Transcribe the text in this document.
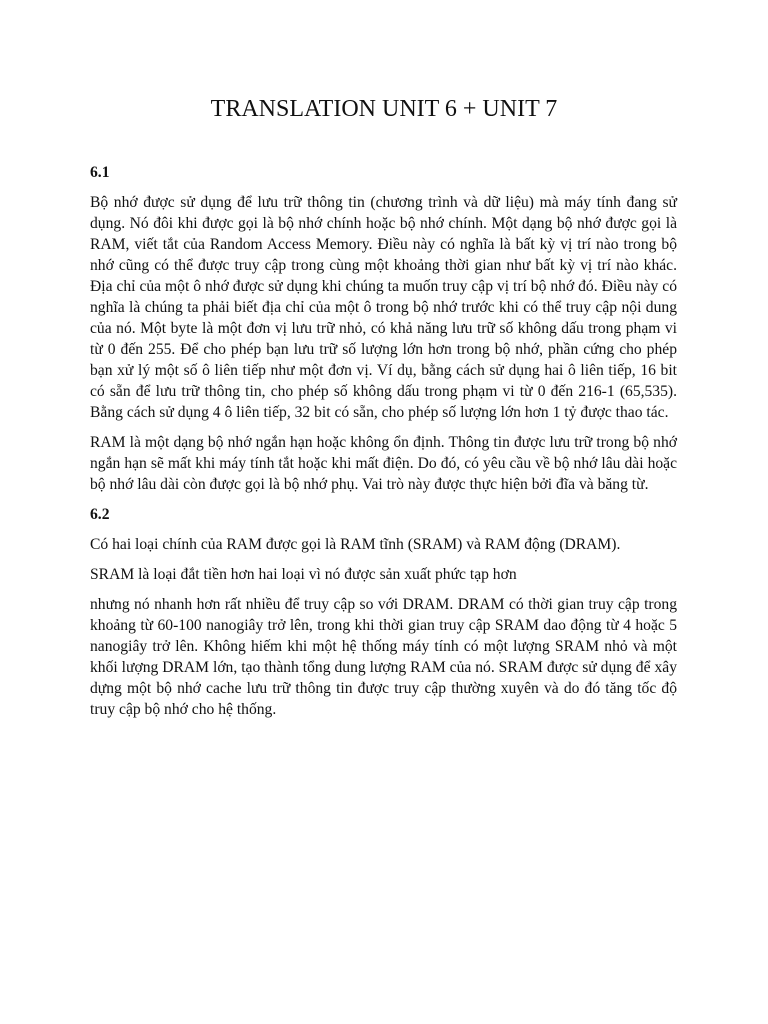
TRANSLATION UNIT 6 + UNIT 7
6.1

Bộ nhớ được sử dụng để lưu trữ thông tin (chương trình và dữ liệu) mà máy tính đang sử dụng. Nó đôi khi được gọi là bộ nhớ chính hoặc bộ nhớ chính. Một dạng bộ nhớ được gọi là RAM, viết tắt của Random Access Memory. Điều này có nghĩa là bất kỳ vị trí nào trong bộ nhớ cũng có thể được truy cập trong cùng một khoảng thời gian như bất kỳ vị trí nào khác. Địa chỉ của một ô nhớ được sử dụng khi chúng ta muốn truy cập vị trí bộ nhớ đó. Điều này có nghĩa là chúng ta phải biết địa chỉ của một ô trong bộ nhớ trước khi có thể truy cập nội dung của nó. Một byte là một đơn vị lưu trữ nhỏ, có khả năng lưu trữ số không dấu trong phạm vi từ 0 đến 255. Để cho phép bạn lưu trữ số lượng lớn hơn trong bộ nhớ, phần cứng cho phép bạn xử lý một số ô liên tiếp như một đơn vị. Ví dụ, bằng cách sử dụng hai ô liên tiếp, 16 bit có sẵn để lưu trữ thông tin, cho phép số không dấu trong phạm vi từ 0 đến 216-1 (65,535). Bằng cách sử dụng 4 ô liên tiếp, 32 bit có sẵn, cho phép số lượng lớn hơn 1 tỷ được thao tác.

RAM là một dạng bộ nhớ ngắn hạn hoặc không ổn định. Thông tin được lưu trữ trong bộ nhớ ngắn hạn sẽ mất khi máy tính tắt hoặc khi mất điện. Do đó, có yêu cầu về bộ nhớ lâu dài hoặc bộ nhớ lâu dài còn được gọi là bộ nhớ phụ. Vai trò này được thực hiện bởi đĩa và băng từ.

6.2

Có hai loại chính của RAM được gọi là RAM tĩnh (SRAM) và RAM động (DRAM).

SRAM là loại đắt tiền hơn hai loại vì nó được sản xuất phức tạp hơn

nhưng nó nhanh hơn rất nhiều để truy cập so với DRAM. DRAM có thời gian truy cập trong khoảng từ 60-100 nanogiây trở lên, trong khi thời gian truy cập SRAM dao động từ 4 hoặc 5 nanogiây trở lên. Không hiếm khi một hệ thống máy tính có một lượng SRAM nhỏ và một khối lượng DRAM lớn, tạo thành tổng dung lượng RAM của nó. SRAM được sử dụng để xây dựng một bộ nhớ cache lưu trữ thông tin được truy cập thường xuyên và do đó tăng tốc độ truy cập bộ nhớ cho hệ thống.
